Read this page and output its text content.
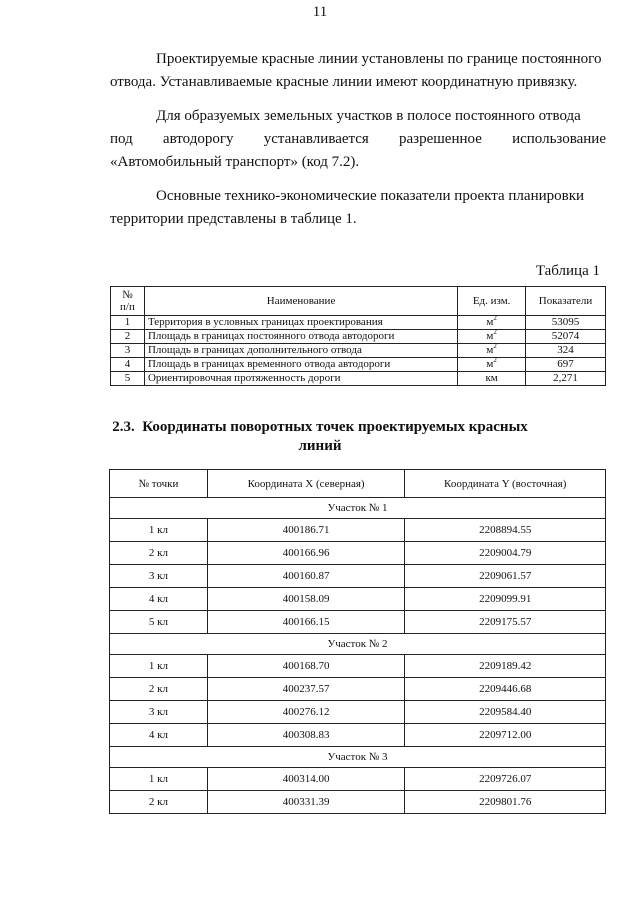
11
Проектируемые красные линии установлены по границе постоянного
отвода. Устанавливаемые красные линии имеют координатную привязку.
Для образуемых земельных участков в полосе постоянного отвода
под автодорогу устанавливается разрешенное использование
«Автомобильный транспорт» (код 7.2).
Основные технико-экономические показатели проекта планировки
территории представлены в таблице 1.
Таблица 1
№
п/п	Наименование	Ед. изм.	Показатели
1	Территория в условных границах проектирования	$м^2$	53095
2	Площадь в границах постоянного отвода автодороги	$м^2$	52074
3	Площадь в границах дополнительного отвода	$м^2$	324
4	Площадь в границах временного отвода автодороги	$м^2$	697
5	Ориентировочная протяженность дороги	км	2,271
2.3. Координаты поворотных точек проектируемых красных
линий
№ точки	Координата X (северная)	Координата Y (восточная)
Участок № 1		
1 кл	400186.71	2208894.55
2 кл	400166.96	2209004.79
3 кл	400160.87	2209061.57
4 кл	400158.09	2209099.91
5 кл	400166.15	2209175.57
Участок № 2		
1 кл	400168.70	2209189.42
2 кл	400237.57	2209446.68
3 кл	400276.12	2209584.40
4 кл	400308.83	2209712.00
Участок № 3		
1 кл	400314.00	2209726.07
2 кл	400331.39	2209801.76
